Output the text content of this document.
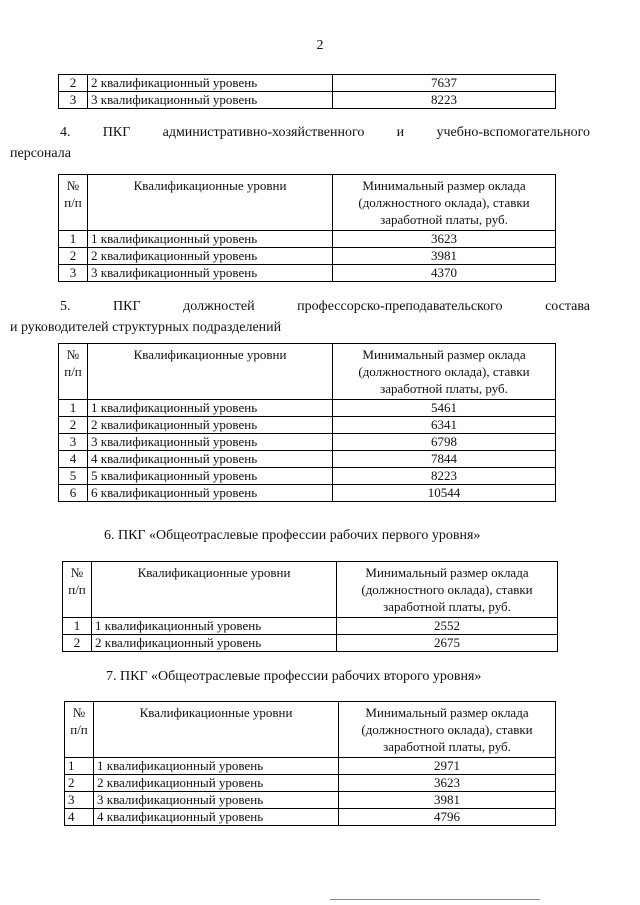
2
2	2 квалификационный уровень	7637
3	3 квалификационный уровень	8223
4. ПКГ административно-хозяйственного и учебно-вспомогательного
персонала
№ п/п	Квалификационные уровни	Минимальный размер оклада (должностного оклада), ставки заработной платы, руб.
1	1 квалификационный уровень	3623
2	2 квалификационный уровень	3981
3	3 квалификационный уровень	4370
5. ПКГ должностей профессорско-преподавательского состава
и руководителей структурных подразделений
№ п/п	Квалификационные уровни	Минимальный размер оклада (должностного оклада), ставки заработной платы, руб.
1	1 квалификационный уровень	5461
2	2 квалификационный уровень	6341
3	3 квалификационный уровень	6798
4	4 квалификационный уровень	7844
5	5 квалификационный уровень	8223
6	6 квалификационный уровень	10544
6. ПКГ «Общеотраслевые профессии рабочих первого уровня»
№ п/п	Квалификационные уровни	Минимальный размер оклада (должностного оклада), ставки заработной платы, руб.
1	1 квалификационный уровень	2552
2	2 квалификационный уровень	2675
7. ПКГ «Общеотраслевые профессии рабочих второго уровня»
№ п/п	Квалификационные уровни	Минимальный размер оклада (должностного оклада), ставки заработной платы, руб.
1	1 квалификационный уровень	2971
2	2 квалификационный уровень	3623
3	3 квалификационный уровень	3981
4	4 квалификационный уровень	4796
